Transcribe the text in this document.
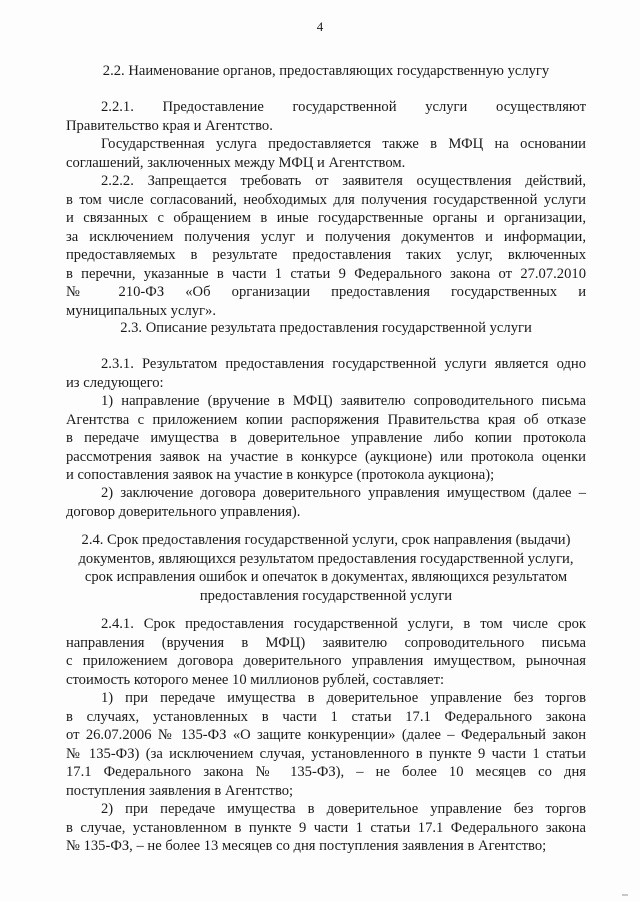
4
2.2. Наименование органов, предоставляющих государственную услугу
2.2.1. Предоставление государственной услуги осуществляют
Правительство края и Агентство.
Государственная услуга предоставляется также в МФЦ на основании
соглашений, заключенных между МФЦ и Агентством.
2.2.2. Запрещается требовать от заявителя осуществления действий,
в том числе согласований, необходимых для получения государственной услуги
и связанных с обращением в иные государственные органы и организации,
за исключением получения услуг и получения документов и информации,
предоставляемых в результате предоставления таких услуг, включенных
в перечни, указанные в части 1 статьи 9 Федерального закона от 27.07.2010
№ 210-ФЗ «Об организации предоставления государственных и
муниципальных услуг».
2.3. Описание результата предоставления государственной услуги
2.3.1. Результатом предоставления государственной услуги является одно
из следующего:
1) направление (вручение в МФЦ) заявителю сопроводительного письма
Агентства с приложением копии распоряжения Правительства края об отказе
в передаче имущества в доверительное управление либо копии протокола
рассмотрения заявок на участие в конкурсе (аукционе) или протокола оценки
и сопоставления заявок на участие в конкурсе (протокола аукциона);
2) заключение договора доверительного управления имуществом (далее –
договор доверительного управления).
2.4. Срок предоставления государственной услуги, срок направления (выдачи)
документов, являющихся результатом предоставления государственной услуги,
срок исправления ошибок и опечаток в документах, являющихся результатом
предоставления государственной услуги
2.4.1. Срок предоставления государственной услуги, в том числе срок
направления (вручения в МФЦ) заявителю сопроводительного письма
с приложением договора доверительного управления имуществом, рыночная
стоимость которого менее 10 миллионов рублей, составляет:
1) при передаче имущества в доверительное управление без торгов
в случаях, установленных в части 1 статьи 17.1 Федерального закона
от 26.07.2006 № 135-ФЗ «О защите конкуренции» (далее – Федеральный закон
№ 135-ФЗ) (за исключением случая, установленного в пункте 9 части 1 статьи
17.1 Федерального закона № 135-ФЗ), – не более 10 месяцев со дня
поступления заявления в Агентство;
2) при передаче имущества в доверительное управление без торгов
в случае, установленном в пункте 9 части 1 статьи 17.1 Федерального закона
№ 135-ФЗ, – не более 13 месяцев со дня поступления заявления в Агентство;
